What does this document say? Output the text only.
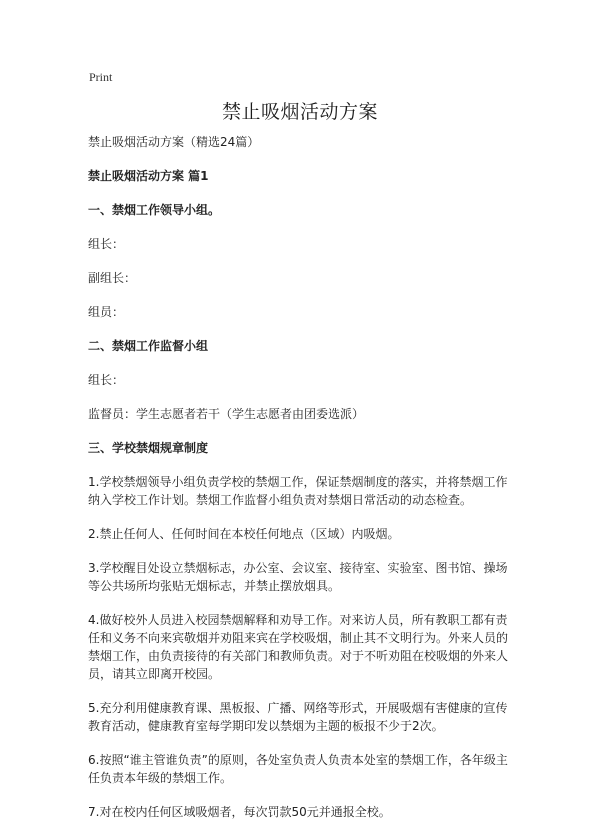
Print
禁止吸烟活动方案

禁止吸烟活动方案（精选24篇）

禁止吸烟活动方案 篇1

一、禁烟工作领导小组。

组长：

副组长：

组员：

二、禁烟工作监督小组

组长：

监督员：学生志愿者若干（学生志愿者由团委选派）

三、学校禁烟规章制度

1.学校禁烟领导小组负责学校的禁烟工作，保证禁烟制度的落实，并将禁烟工作纳入学校工作计划。禁烟工作监督小组负责对禁烟日常活动的动态检查。

2.禁止任何人、任何时间在本校任何地点（区域）内吸烟。

3.学校醒目处设立禁烟标志，办公室、会议室、接待室、实验室、图书馆、操场等公共场所均张贴无烟标志，并禁止摆放烟具。

4.做好校外人员进入校园禁烟解释和劝导工作。对来访人员，所有教职工都有责任和义务不向来宾敬烟并劝阻来宾在学校吸烟，制止其不文明行为。外来人员的禁烟工作，由负责接待的有关部门和教师负责。对于不听劝阻在校吸烟的外来人员，请其立即离开校园。

5.充分利用健康教育课、黑板报、广播、网络等形式，开展吸烟有害健康的宣传教育活动，健康教育室每学期印发以禁烟为主题的板报不少于2次。

6.按照“谁主管谁负责”的原则，各处室负责人负责本处室的禁烟工作，各年级主任负责本年级的禁烟工作。

7.对在校内任何区域吸烟者，每次罚款50元并通报全校。
